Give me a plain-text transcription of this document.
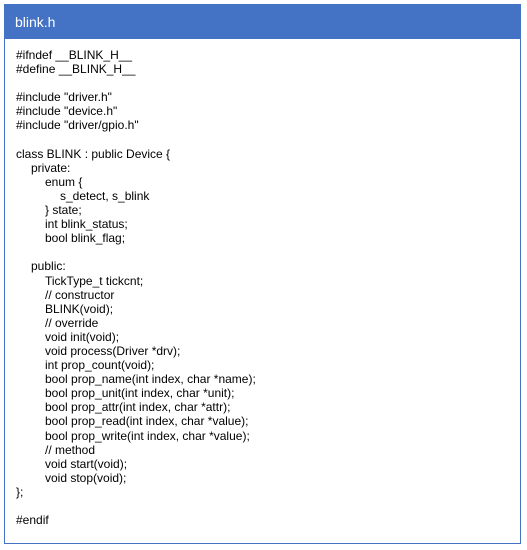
blink.h
#ifndef __BLINK_H__
#define __BLINK_H__
#include "driver.h"
#include "device.h"
#include "driver/gpio.h"
class BLINK : public Device {
private:
enum {
s_detect, s_blink
} state;
int blink_status;
bool blink_flag;
public:
TickType_t tickcnt;
// constructor
BLINK(void);
// override
void init(void);
void process(Driver *drv);
int prop_count(void);
bool prop_name(int index, char *name);
bool prop_unit(int index, char *unit);
bool prop_attr(int index, char *attr);
bool prop_read(int index, char *value);
bool prop_write(int index, char *value);
// method
void start(void);
void stop(void);
};
#endif
